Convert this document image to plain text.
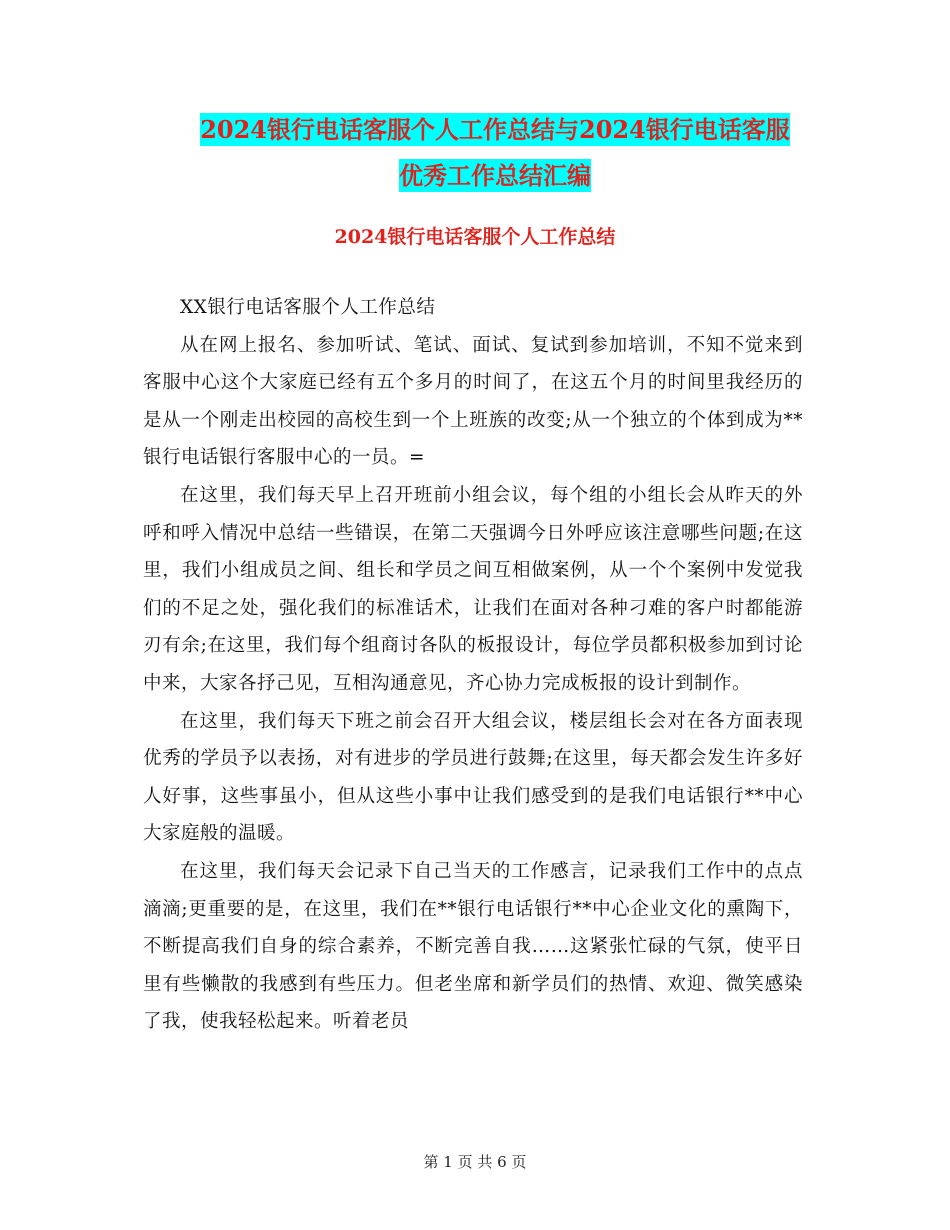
2024银行电话客服个人工作总结与2024银行电话客服
优秀工作总结汇编
2024银行电话客服个人工作总结

XX银行电话客服个人工作总结

从在网上报名、参加听试、笔试、面试、复试到参加培训，不知不觉来到客服中心这个大家庭已经有五个多月的时间了，在这五个月的时间里我经历的是从一个刚走出校园的高校生到一个上班族的改变;从一个独立的个体到成为**银行电话银行客服中心的一员。=

在这里，我们每天早上召开班前小组会议，每个组的小组长会从昨天的外呼和呼入情况中总结一些错误，在第二天强调今日外呼应该注意哪些问题;在这里，我们小组成员之间、组长和学员之间互相做案例，从一个个案例中发觉我们的不足之处，强化我们的标准话术，让我们在面对各种刁难的客户时都能游刃有余;在这里，我们每个组商讨各队的板报设计，每位学员都积极参加到讨论中来，大家各抒己见，互相沟通意见，齐心协力完成板报的设计到制作。

在这里，我们每天下班之前会召开大组会议，楼层组长会对在各方面表现优秀的学员予以表扬，对有进步的学员进行鼓舞;在这里，每天都会发生许多好人好事，这些事虽小，但从这些小事中让我们感受到的是我们电话银行**中心大家庭般的温暖。

在这里，我们每天会记录下自己当天的工作感言，记录我们工作中的点点滴滴;更重要的是，在这里，我们在**银行电话银行**中心企业文化的熏陶下，不断提高我们自身的综合素养，不断完善自我……这紧张忙碌的气氛，使平日里有些懒散的我感到有些压力。但老坐席和新学员们的热情、欢迎、微笑感染了我，使我轻松起来。听着老员

第 1 页 共 6 页
